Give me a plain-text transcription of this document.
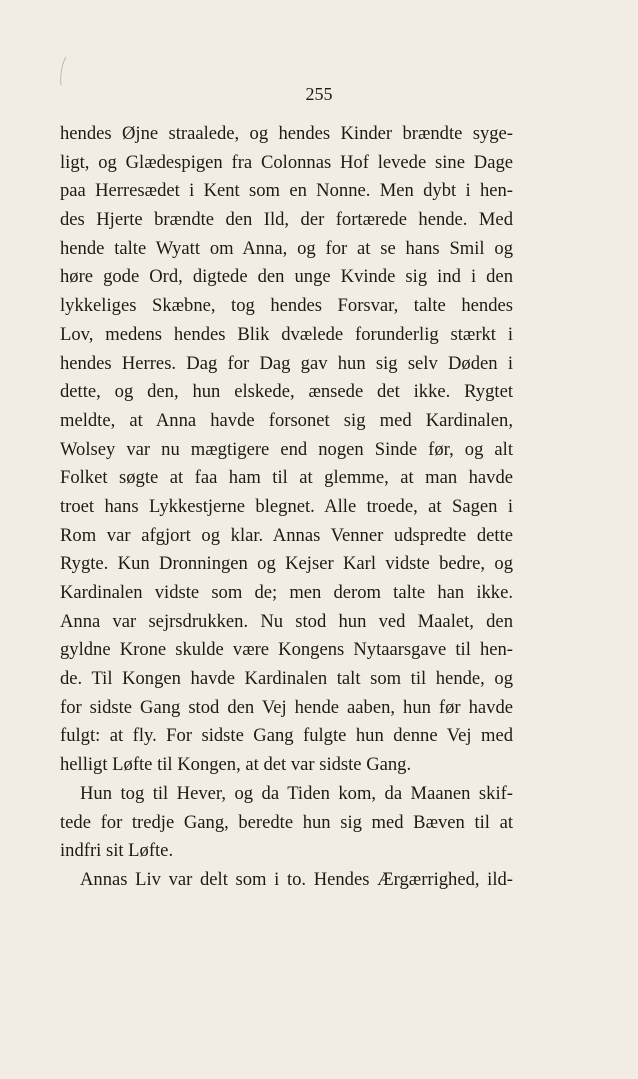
255
hendes Øjne straalede, og hendes Kinder brændte syge-
ligt, og Glædespigen fra Colonnas Hof levede sine Dage
paa Herresædet i Kent som en Nonne. Men dybt i hen-
des Hjerte brændte den Ild, der fortærede hende. Med
hende talte Wyatt om Anna, og for at se hans Smil og
høre gode Ord, digtede den unge Kvinde sig ind i den
lykkeliges Skæbne, tog hendes Forsvar, talte hendes
Lov, medens hendes Blik dvælede forunderlig stærkt i
hendes Herres. Dag for Dag gav hun sig selv Døden i
dette, og den, hun elskede, ænsede det ikke. Rygtet
meldte, at Anna havde forsonet sig med Kardinalen,
Wolsey var nu mægtigere end nogen Sinde før, og alt
Folket søgte at faa ham til at glemme, at man havde
troet hans Lykkestjerne blegnet. Alle troede, at Sagen i
Rom var afgjort og klar. Annas Venner udspredte dette
Rygte. Kun Dronningen og Kejser Karl vidste bedre, og
Kardinalen vidste som de; men derom talte han ikke.
Anna var sejrsdrukken. Nu stod hun ved Maalet, den
gyldne Krone skulde være Kongens Nytaarsgave til hen-
de. Til Kongen havde Kardinalen talt som til hende, og
for sidste Gang stod den Vej hende aaben, hun før havde
fulgt: at fly. For sidste Gang fulgte hun denne Vej med
helligt Løfte til Kongen, at det var sidste Gang.
Hun tog til Hever, og da Tiden kom, da Maanen skif-
tede for tredje Gang, beredte hun sig med Bæven til at
indfri sit Løfte.
Annas Liv var delt som i to. Hendes Ærgærrighed, ild-
